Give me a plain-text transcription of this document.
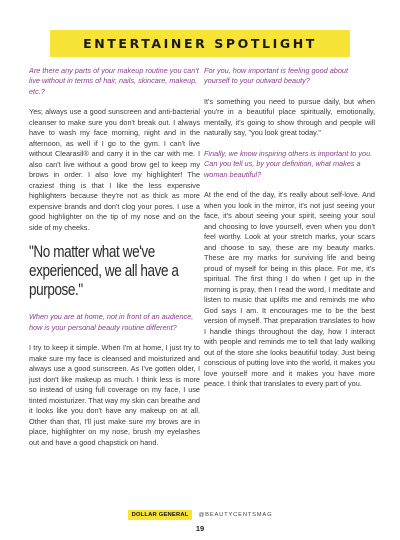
ENTERTAINER SPOTLIGHT

Are there any parts of your makeup routine you can't live without in terms of hair, nails, skincare, makeup, etc.?

Yes; always use a good sunscreen and anti-bacterial cleanser to make sure you don't break out. I always have to wash my face morning, night and in the afternoon, as well if I go to the gym. I can't live without Clearasil® and carry it in the car with me. I also can't live without a good brow gel to keep my brows in order. I also love my highlighter! The craziest thing is that I like the less expensive highlighters because they're not as thick as more expensive brands and don't clog your pores. I use a good highlighter on the tip of my nose and on the side of my cheeks.

"No matter what we've experienced, we all have a purpose."

When you are at home, not in front of an audience, how is your personal beauty routine different?

I try to keep it simple. When I'm at home, I just try to make sure my face is cleansed and moisturized and always use a good sunscreen. As I've gotten older, I just don't like makeup as much. I think less is more so instead of using full coverage on my face, I use tinted moisturizer. That way my skin can breathe and it looks like you don't have any makeup on at all. Other than that, I'll just make sure my brows are in place, highlighter on my nose, brush my eyelashes out and have a good chapstick on hand.

For you, how important is feeling good about yourself to your outward beauty?

It's something you need to pursue daily, but when you're in a beautiful place spiritually, emotionally, mentally, it's going to show through and people will naturally say, "you look great today."

Finally, we know inspiring others is important to you. Can you tell us, by your definition, what makes a woman beautiful?

At the end of the day, it's really about self-love. And when you look in the mirror, it's not just seeing your face, it's about seeing your spirit, seeing your soul and choosing to love yourself, even when you don't feel worthy. Look at your stretch marks, your scars and choose to say, these are my beauty marks. These are my marks for surviving life and being proud of myself for being in this place. For me, it's spiritual. The first thing I do when I get up in the morning is pray, then I read the word, I meditate and listen to music that uplifts me and reminds me who God says I am. It encourages me to be the best version of myself. That preparation translates to how I handle things throughout the day, how I interact with people and reminds me to tell that lady walking out of the store she looks beautiful today. Just being conscious of putting love into the world, it makes you love yourself more and it makes you have more peace. I think that translates to every part of you.

DOLLAR GENERAL	@BEAUTYCENTSMAG
19
